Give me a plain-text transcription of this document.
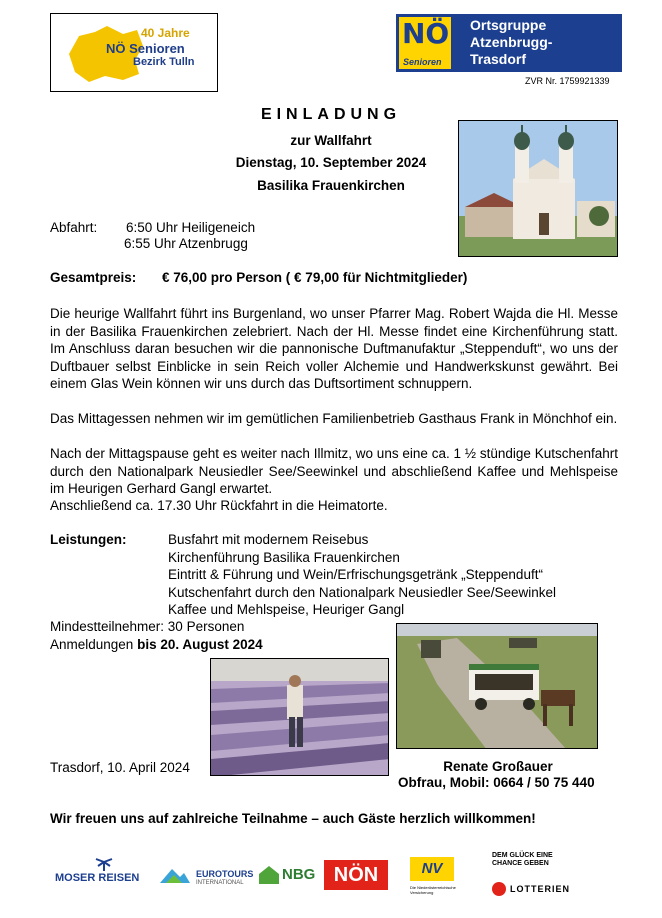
40 Jahre
NÖ Senioren
Bezirk Tulln
NÖ
Senioren
Ortsgruppe
Atzenbrugg-
Trasdorf
ZVR Nr. 1759921339
EINLADUNG
zur Wallfahrt
Dienstag, 10. September 2024
Basilika Frauenkirchen
Abfahrt: 6:50 Uhr Heiligeneich
6:55 Uhr Atzenbrugg
Gesamtpreis: € 76,00 pro Person ( € 79,00 für Nichtmitglieder)
Die heurige Wallfahrt führt ins Burgenland, wo unser Pfarrer Mag. Robert Wajda die Hl. Messe in der Basilika Frauenkirchen zelebriert. Nach der Hl. Messe findet eine Kirchenführung statt. Im Anschluss daran besuchen wir die pannonische Duftmanufaktur „Steppenduft“, wo uns der Duftbauer selbst Einblicke in sein Reich voller Alchemie und Handwerkskunst gewährt. Bei einem Glas Wein können wir uns durch das Duftsortiment schnuppern.
Das Mittagessen nehmen wir im gemütlichen Familienbetrieb Gasthaus Frank in Mönchhof ein.
Nach der Mittagspause geht es weiter nach Illmitz, wo uns eine ca. 1 ½ stündige Kutschenfahrt durch den Nationalpark Neusiedler See/Seewinkel und abschließend Kaffee und Mehlspeise im Heurigen Gerhard Gangl erwartet.
Anschließend ca. 17.30 Uhr Rückfahrt in die Heimatorte.
Leistungen:	Busfahrt mit modernem Reisebus
Kirchenführung Basilika Frauenkirchen
Eintritt & Führung und Wein/Erfrischungsgetränk „Steppenduft“
Kutschenfahrt durch den Nationalpark Neusiedler See/Seewinkel
Kaffee und Mehlspeise, Heuriger Gangl
Mindestteilnehmer: 30 Personen
Anmeldungen bis 20. August 2024
Trasdorf, 10. April 2024	Renate Großauer
Obfrau, Mobil: 0664 / 50 75 440
Wir freuen uns auf zahlreiche Teilnahme – auch Gäste herzlich willkommen!
MOSER REISEN	EUROTOURS
INTERNATIONAL	NBG NÖN	NV
Die Niederösterreichische Versicherung
DEM GLÜCK EINE CHANCE GEBEN
LOTTERIEN
